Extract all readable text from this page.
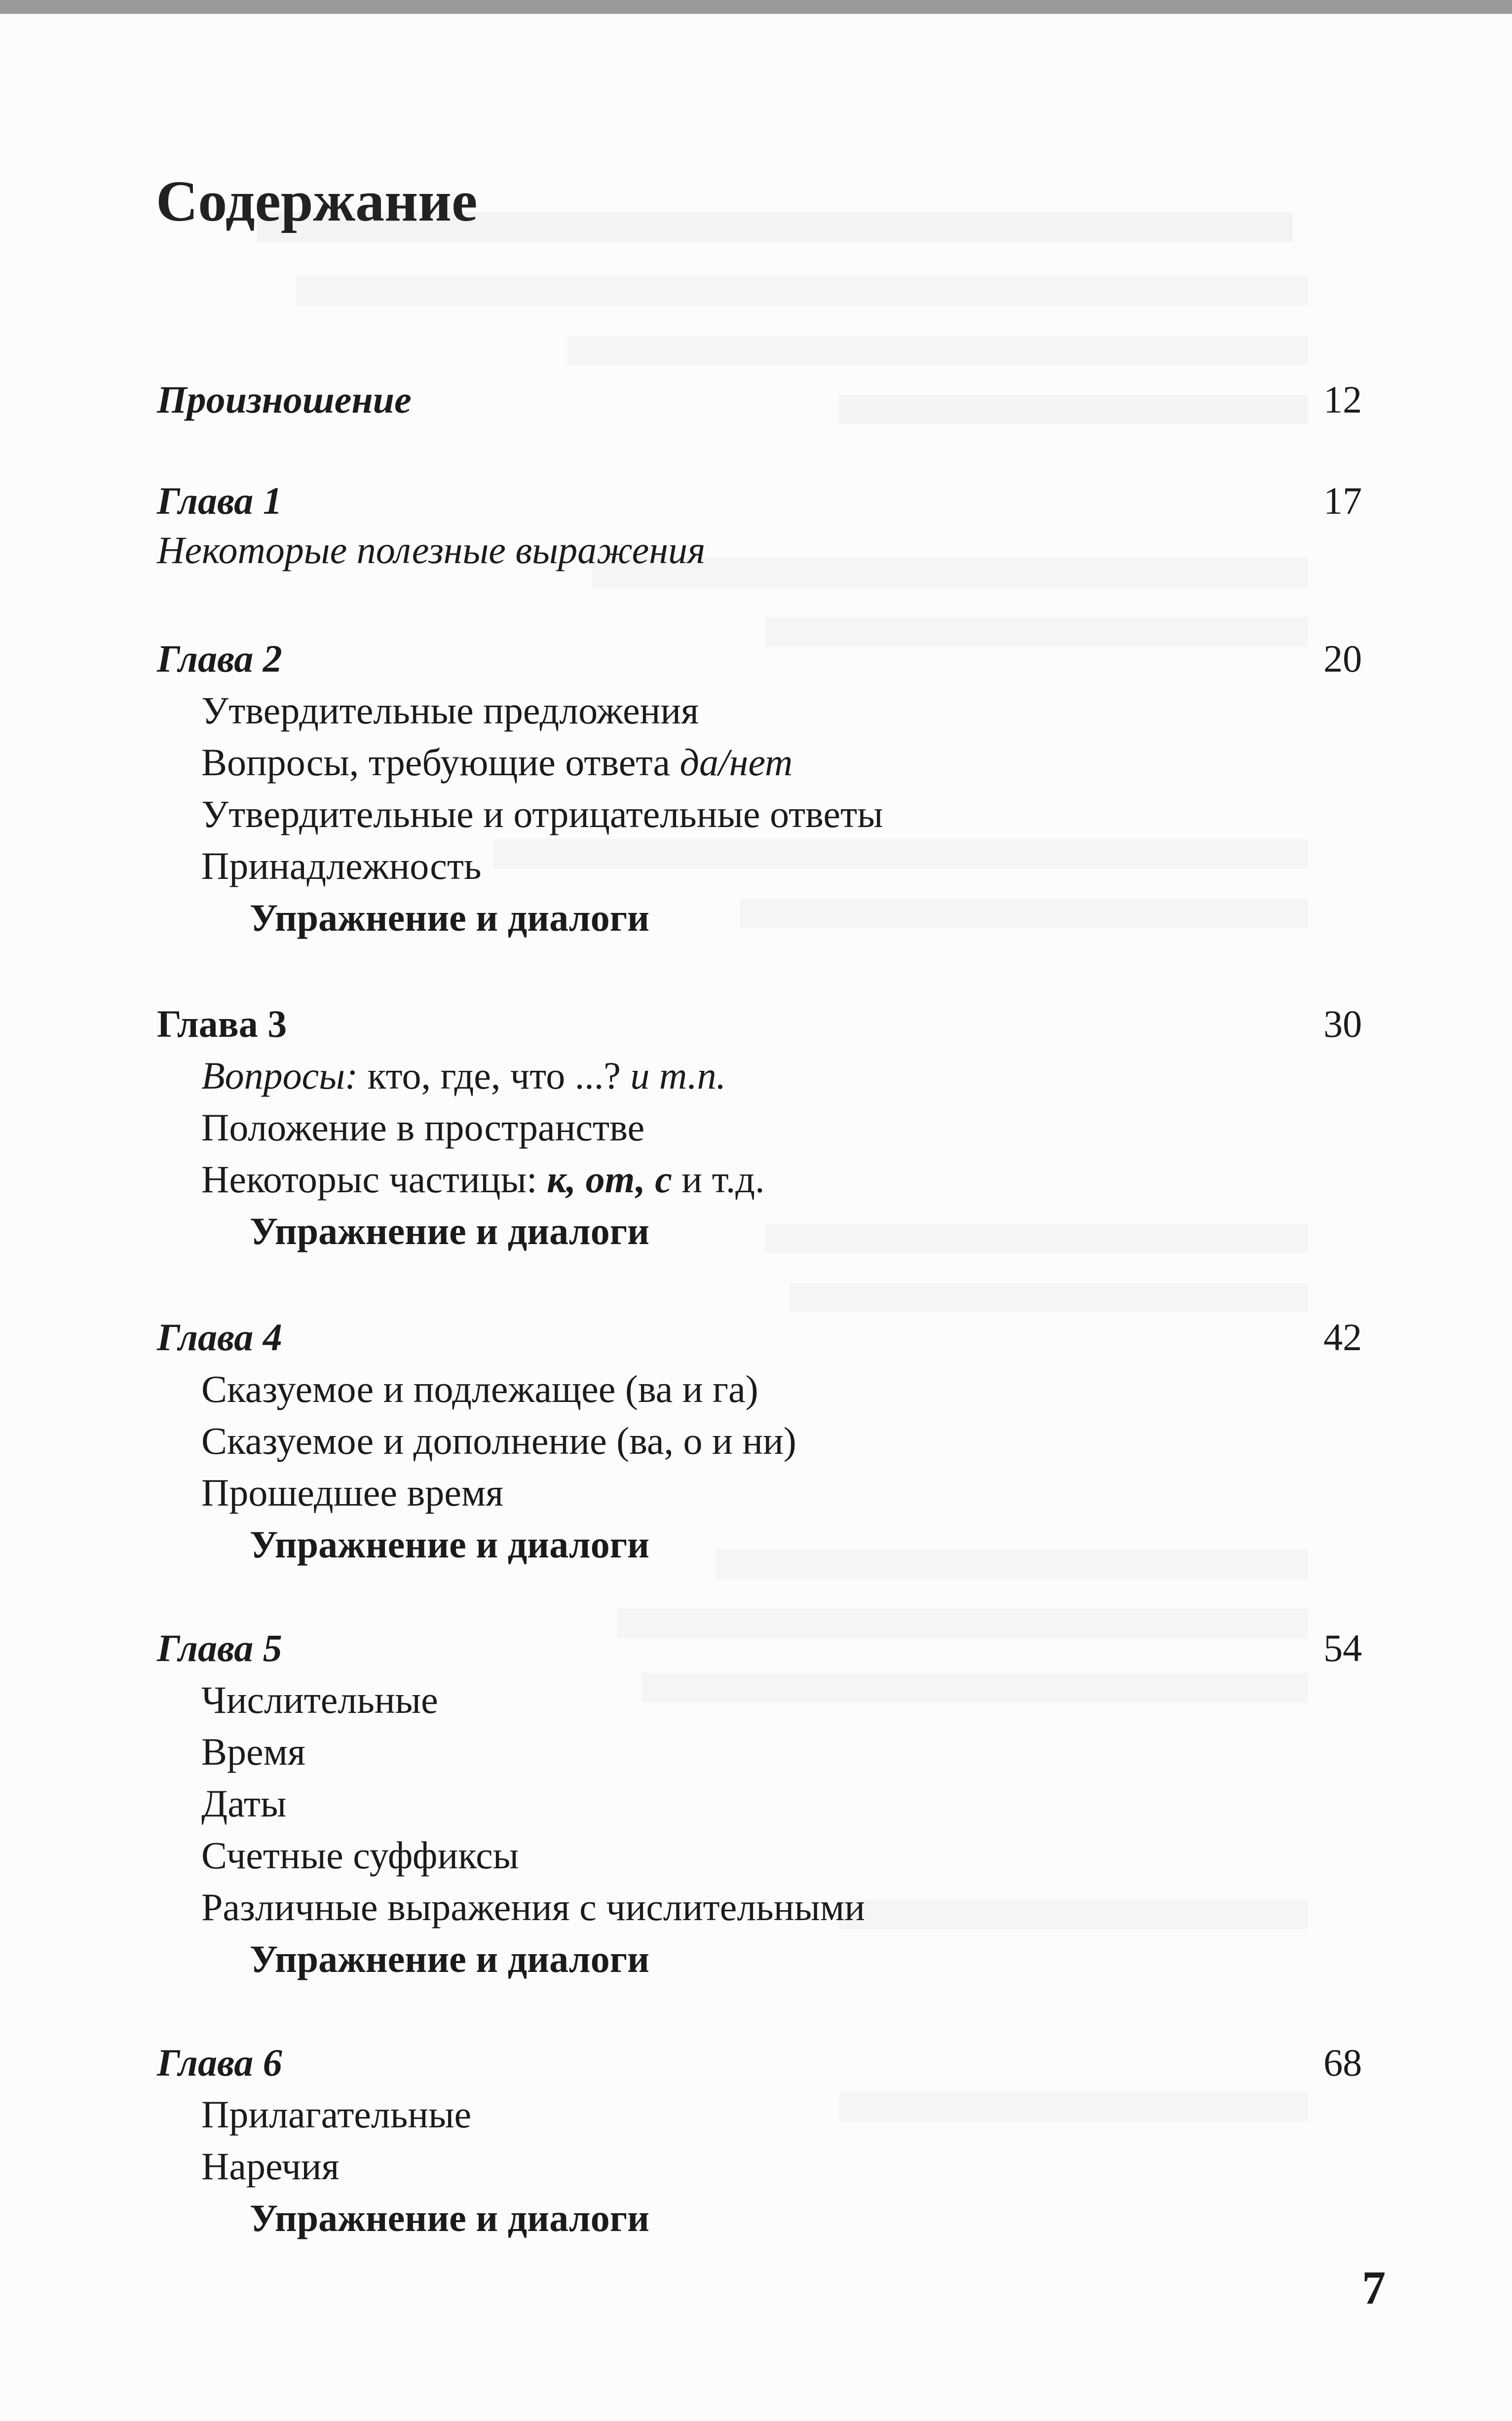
Содержание
Произношение	12
Глава 1	17
Некоторые полезные выражения
Глава 2	20
Утвердительные предложения
Вопросы, требующие ответа да/нет
Утвердительные и отрицательные ответы
Принадлежность
Упражнение и диалоги
Глава 3	30
Вопросы: кто, где, что ...? и т.п.
Положение в пространстве
Некоторыс частицы: к, от, с и т.д.
Упражнение и диалоги
Глава 4	42
Сказуемое и подлежащее (ва и га)
Сказуемое и дополнение (ва, о и ни)
Прошедшее время
Упражнение и диалоги
Глава 5	54
Числительные
Время
Даты
Счетные суффиксы
Различные выражения с числительными
Упражнение и диалоги
Глава 6	68
Прилагательные
Наречия
Упражнение и диалоги
7
